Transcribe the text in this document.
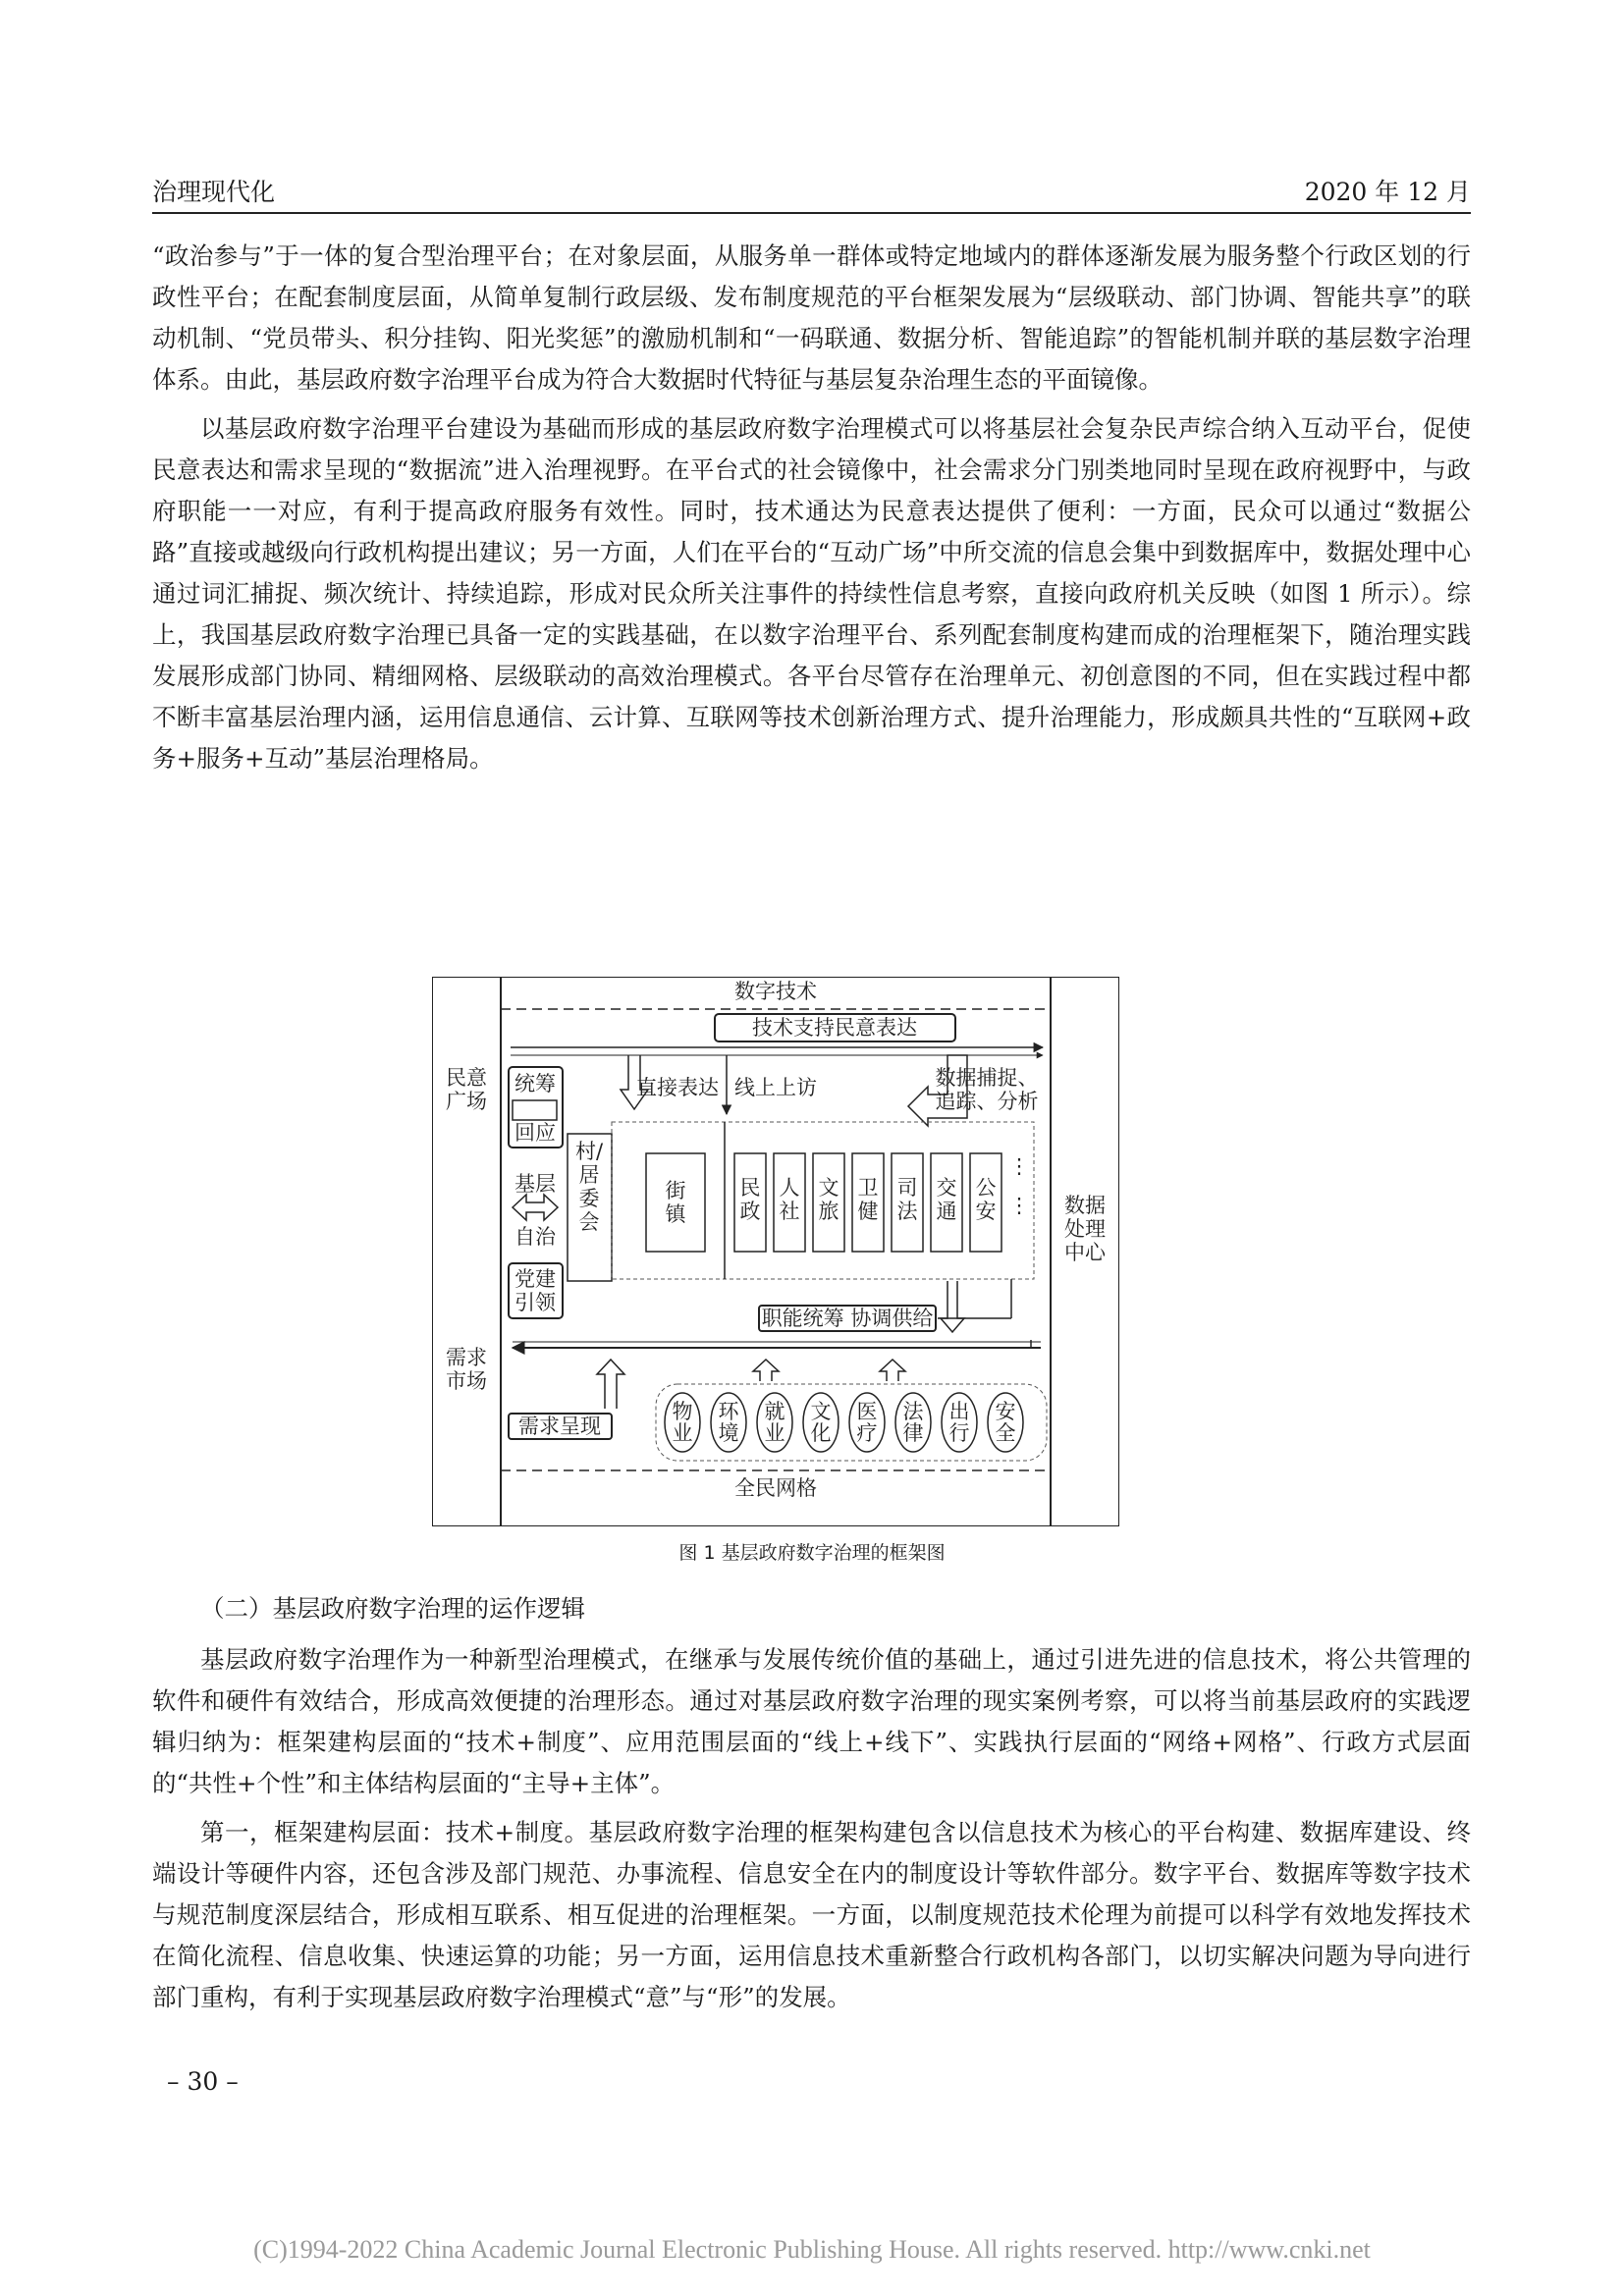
治理现代化	2020 年 12 月

“政治参与”于一体的复合型治理平台；在对象层面，从服务单一群体或特定地域内的群体逐渐发展为服务整个行政区划的行政性平台；在配套制度层面，从简单复制行政层级、发布制度规范的平台框架发展为“层级联动、部门协调、智能共享”的联动机制、“党员带头、积分挂钩、阳光奖惩”的激励机制和“一码联通、数据分析、智能追踪”的智能机制并联的基层数字治理体系。由此，基层政府数字治理平台成为符合大数据时代特征与基层复杂治理生态的平面镜像。

以基层政府数字治理平台建设为基础而形成的基层政府数字治理模式可以将基层社会复杂民声综合纳入互动平台，促使民意表达和需求呈现的“数据流”进入治理视野。在平台式的社会镜像中，社会需求分门别类地同时呈现在政府视野中，与政府职能一一对应，有利于提高政府服务有效性。同时，技术通达为民意表达提供了便利：一方面，民众可以通过“数据公路”直接或越级向行政机构提出建议；另一方面，人们在平台的“互动广场”中所交流的信息会集中到数据库中，数据处理中心通过词汇捕捉、频次统计、持续追踪，形成对民众所关注事件的持续性信息考察，直接向政府机关反映（如图 1 所示）。综上，我国基层政府数字治理已具备一定的实践基础，在以数字治理平台、系列配套制度构建而成的治理框架下，随治理实践发展形成部门协同、精细网格、层级联动的高效治理模式。各平台尽管存在治理单元、初创意图的不同，但在实践过程中都不断丰富基层治理内涵，运用信息通信、云计算、互联网等技术创新治理方式、提升治理能力，形成颇具共性的“互联网+政务+服务+互动”基层治理格局。

数字技术
技术支持民意表达
民意广场
需求市场
数据处理中心
直接表达 线上上访	数据捕捉、追踪、分析
统筹
回应
基层
自治
党建引领
村/居委会
街镇
民政
人社
文旅
卫健
司法
交通
公安
⋮
⋮
职能统筹 协调供给
物业
环境
就业
文化
医疗
法律
出行
安全
需求呈现
全民网格
图 1 基层政府数字治理的框架图

（二）基层政府数字治理的运作逻辑

基层政府数字治理作为一种新型治理模式，在继承与发展传统价值的基础上，通过引进先进的信息技术，将公共管理的软件和硬件有效结合，形成高效便捷的治理形态。通过对基层政府数字治理的现实案例考察，可以将当前基层政府的实践逻辑归纳为：框架建构层面的“技术+制度”、应用范围层面的“线上+线下”、实践执行层面的“网络+网格”、行政方式层面的“共性+个性”和主体结构层面的“主导+主体”。

第一，框架建构层面：技术+制度。基层政府数字治理的框架构建包含以信息技术为核心的平台构建、数据库建设、终端设计等硬件内容，还包含涉及部门规范、办事流程、信息安全在内的制度设计等软件部分。数字平台、数据库等数字技术与规范制度深层结合，形成相互联系、相互促进的治理框架。一方面，以制度规范技术伦理为前提可以科学有效地发挥技术在简化流程、信息收集、快速运算的功能；另一方面，运用信息技术重新整合行政机构各部门，以切实解决问题为导向进行部门重构，有利于实现基层政府数字治理模式“意”与“形”的发展。

– 30 –
(C)1994-2022 China Academic Journal Electronic Publishing House. All rights reserved. http://www.cnki.net
